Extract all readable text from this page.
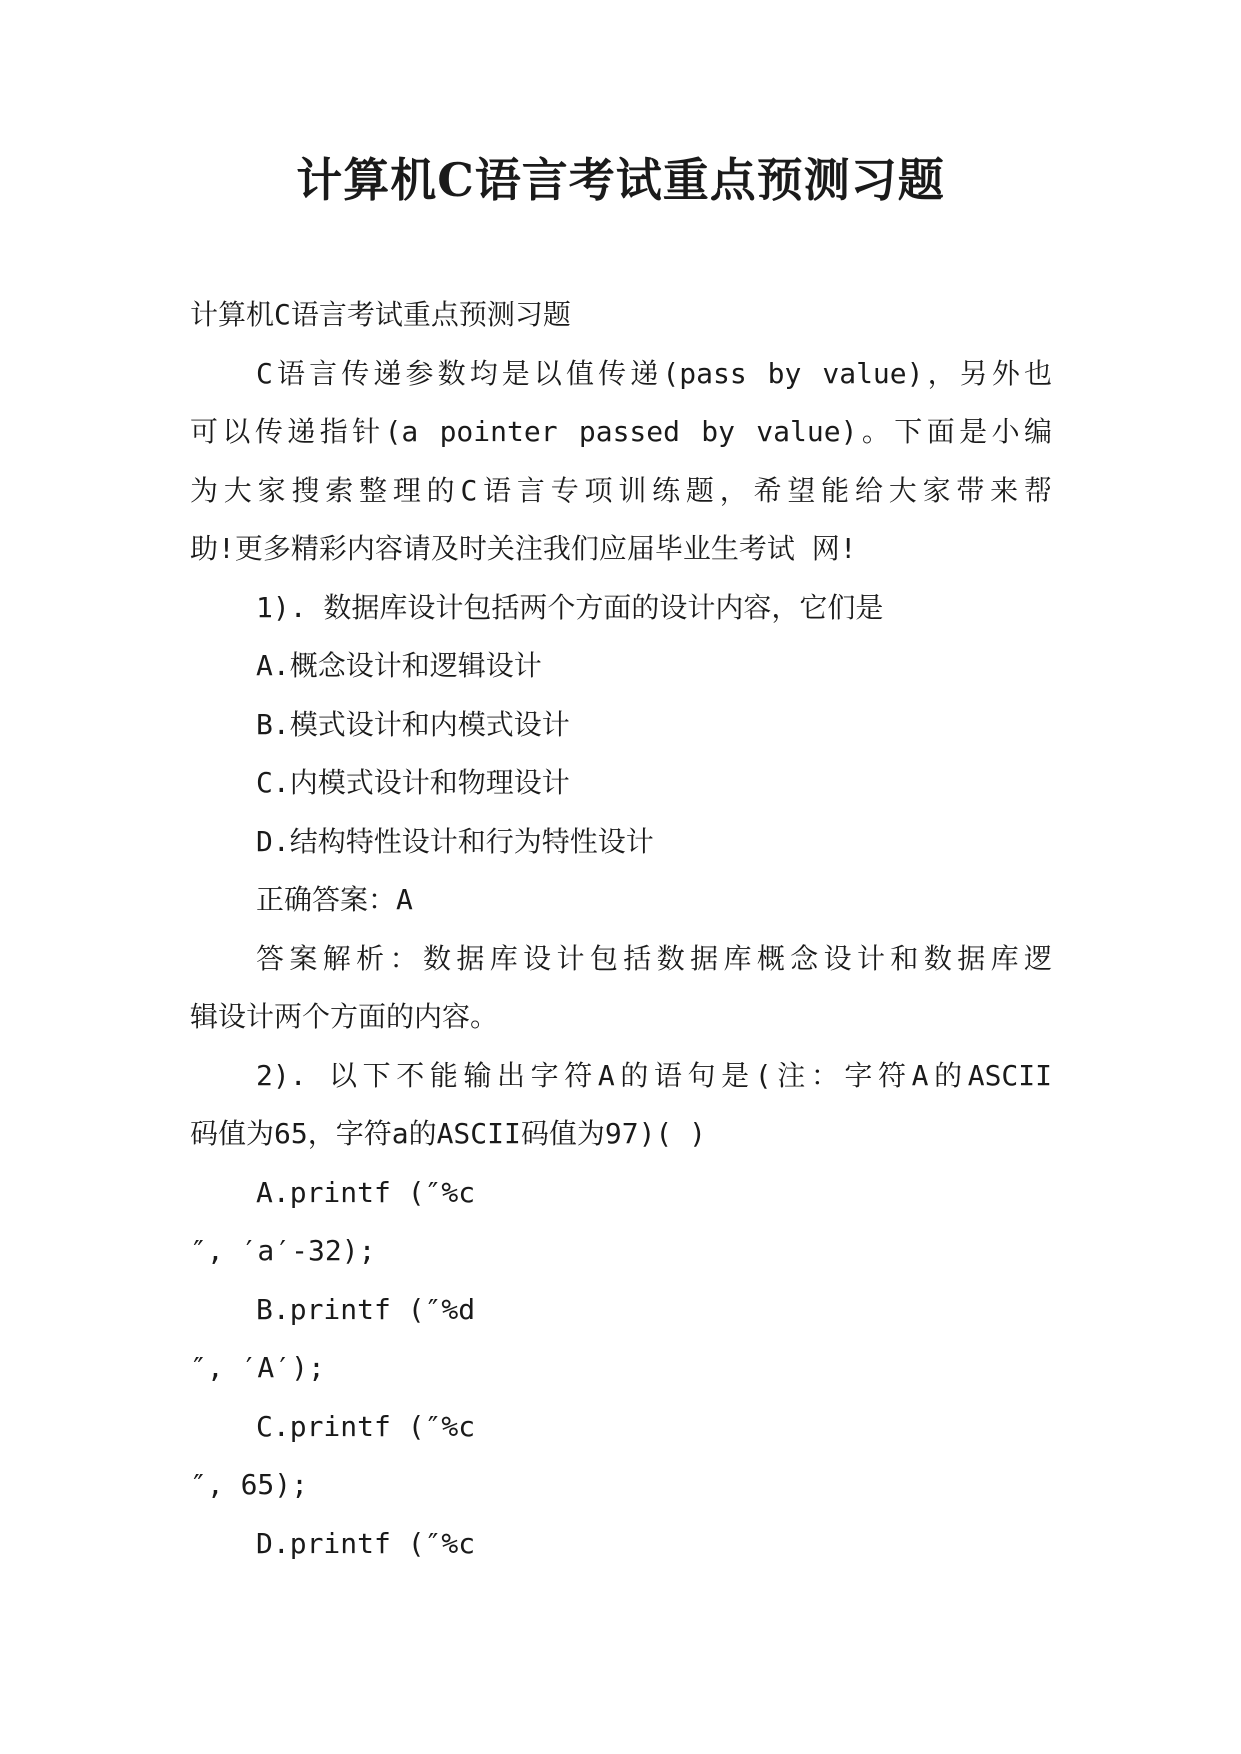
计算机C语言考试重点预测习题

计算机C语言考试重点预测习题

C语言传递参数均是以值传递(pass by value)，另外也

可以传递指针(a pointer passed by value)。下面是小编

为大家搜索整理的C语言专项训练题，希望能给大家带来帮

助!更多精彩内容请及时关注我们应届毕业生考试 网!

1). 数据库设计包括两个方面的设计内容，它们是

A.概念设计和逻辑设计

B.模式设计和内模式设计

C.内模式设计和物理设计

D.结构特性设计和行为特性设计

正确答案：A

答案解析：数据库设计包括数据库概念设计和数据库逻

辑设计两个方面的内容。

2). 以下不能输出字符A的语句是(注：字符A的ASCII

码值为65，字符a的ASCII码值为97)( )

A.printf (″%c

″, ′a′-32);

B.printf (″%d

″, ′A′);

C.printf (″%c

″, 65);

D.printf (″%c
